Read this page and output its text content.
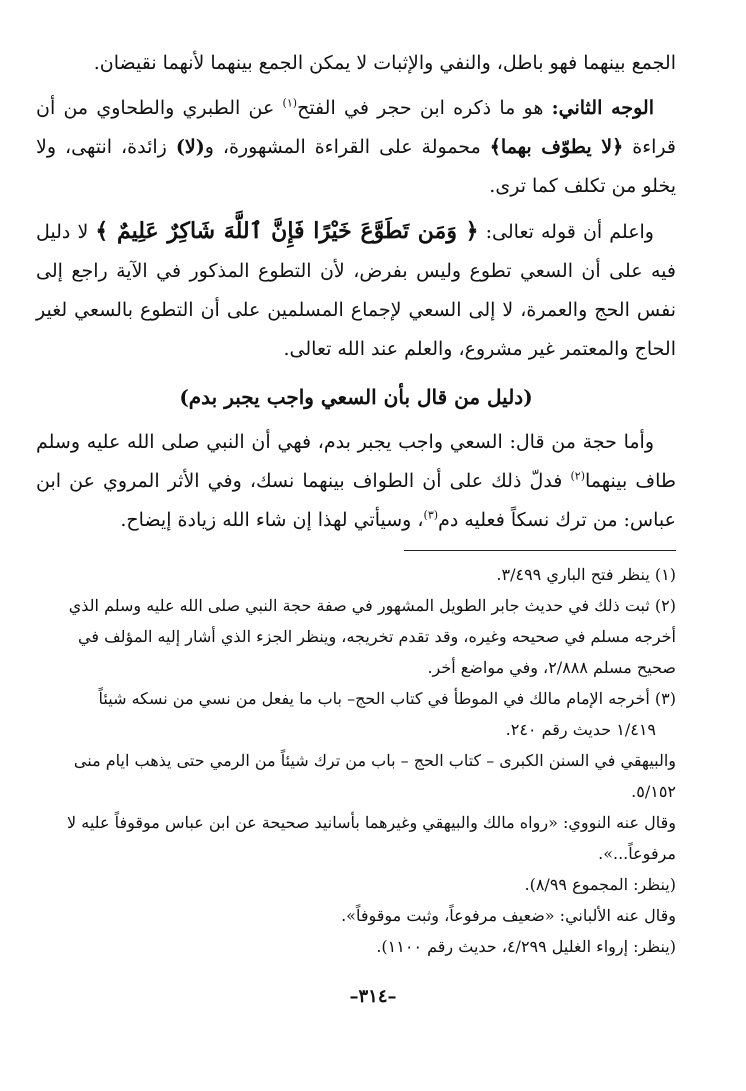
الجمع بينهما فهو باطل، والنفي والإثبات لا يمكن الجمع بينهما لأنهما نقيضان.

الوجه الثاني: هو ما ذكره ابن حجر في الفتح$^{(١)}$ عن الطبري والطحاوي من أن قراءة ﴿لا يطوّف بهما﴾ محمولة على القراءة المشهورة، و(لا) زائدة، انتهى، ولا يخلو من تكلف كما ترى.

واعلم أن قوله تعالى: ﴿ وَمَن تَطَوَّعَ خَيْرًا فَإِنَّ ٱللَّهَ شَاكِرٌ عَلِيمٌ ﴾ لا دليل فيه على أن السعي تطوع وليس بفرض، لأن التطوع المذكور في الآية راجع إلى نفس الحج والعمرة، لا إلى السعي لإجماع المسلمين على أن التطوع بالسعي لغير الحاج والمعتمر غير مشروع، والعلم عند الله تعالى.

(دليل من قال بأن السعي واجب يجبر بدم)

وأما حجة من قال: السعي واجب يجبر بدم، فهي أن النبي صلى الله عليه وسلم طاف بينهما$^{(٢)}$ فدلّ ذلك على أن الطواف بينهما نسك، وفي الأثر المروي عن ابن عباس: من ترك نسكاً فعليه دم$^{(٣)}$، وسيأتي لهذا إن شاء الله زيادة إيضاح.

(١) ينظر فتح الباري ٣/٤٩٩.

(٢) ثبت ذلك في حديث جابر الطويل المشهور في صفة حجة النبي صلى الله عليه وسلم الذي أخرجه مسلم في صحيحه وغيره، وقد تقدم تخريجه، وينظر الجزء الذي أشار إليه المؤلف في صحيح مسلم ٢/٨٨٨، وفي مواضع أخر.

(٣) أخرجه الإمام مالك في الموطأ في كتاب الحج– باب ما يفعل من نسي من نسكه شيئاً

١/٤١٩ حديث رقم ٢٤٠.

والبيهقي في السنن الكبرى – كتاب الحج – باب من ترك شيئاً من الرمي حتى يذهب ايام منى ٥/١٥٢.

وقال عنه النووي: «رواه مالك والبيهقي وغيرهما بأسانيد صحيحة عن ابن عباس موقوفاً عليه لا مرفوعاً...».

(ينظر: المجموع ٨/٩٩).

وقال عنه الألباني: «ضعيف مرفوعاً، وثبت موقوفاً».

(ينظر: إرواء الغليل ٤/٢٩٩، حديث رقم ١١٠٠).

–٣١٤–
